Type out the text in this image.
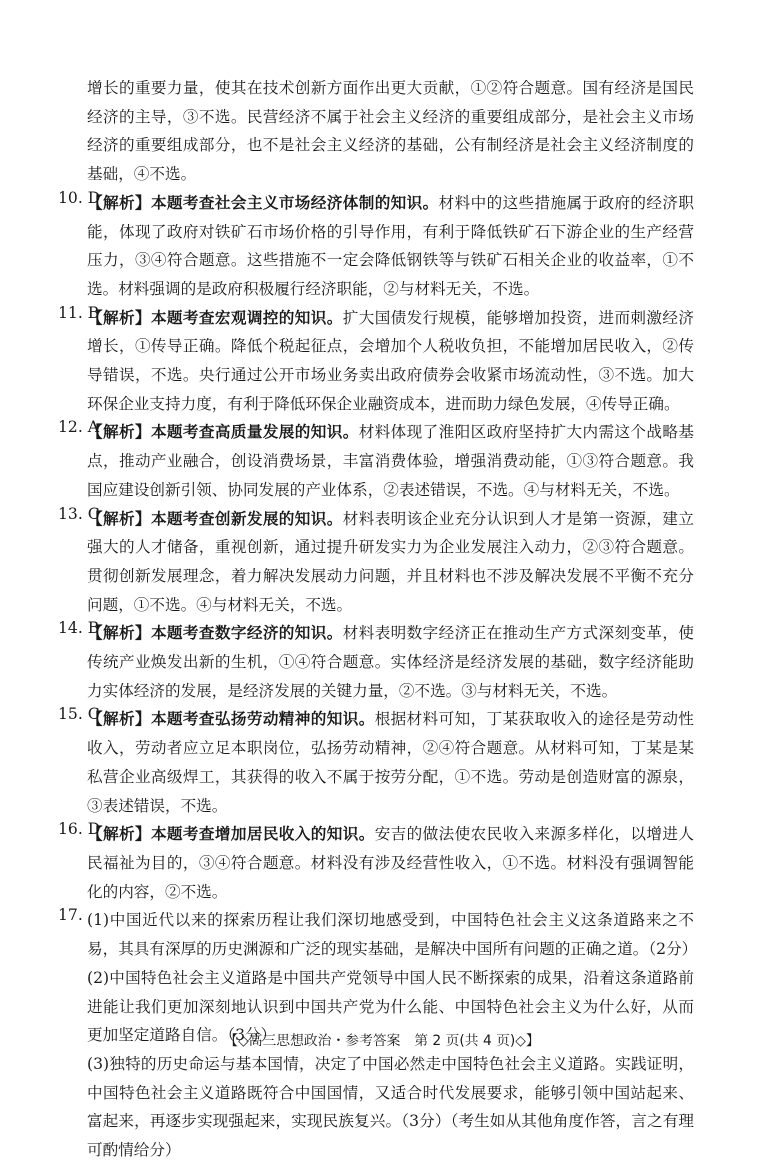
增长的重要力量，使其在技术创新方面作出更大贡献，①②符合题意。国有经济是国民经济的主导，③不选。民营经济不属于社会主义经济的重要组成部分，是社会主义市场经济的重要组成部分，也不是社会主义经济的基础，公有制经济是社会主义经济制度的基础，④不选。

10. D

【解析】本题考查社会主义市场经济体制的知识。材料中的这些措施属于政府的经济职能，体现了政府对铁矿石市场价格的引导作用，有利于降低铁矿石下游企业的生产经营压力，③④符合题意。这些措施不一定会降低钢铁等与铁矿石相关企业的收益率，①不选。材料强调的是政府积极履行经济职能，②与材料无关，不选。

11. B

【解析】本题考查宏观调控的知识。扩大国债发行规模，能够增加投资，进而刺激经济增长，①传导正确。降低个税起征点，会增加个人税收负担，不能增加居民收入，②传导错误，不选。央行通过公开市场业务卖出政府债券会收紧市场流动性，③不选。加大环保企业支持力度，有利于降低环保企业融资成本，进而助力绿色发展，④传导正确。

12. A

【解析】本题考查高质量发展的知识。材料体现了淮阳区政府坚持扩大内需这个战略基点，推动产业融合，创设消费场景，丰富消费体验，增强消费动能，①③符合题意。我国应建设创新引领、协同发展的产业体系，②表述错误，不选。④与材料无关，不选。

13. C

【解析】本题考查创新发展的知识。材料表明该企业充分认识到人才是第一资源，建立强大的人才储备，重视创新，通过提升研发实力为企业发展注入动力，②③符合题意。贯彻创新发展理念，着力解决发展动力问题，并且材料也不涉及解决发展不平衡不充分问题，①不选。④与材料无关，不选。

14. B

【解析】本题考查数字经济的知识。材料表明数字经济正在推动生产方式深刻变革，使传统产业焕发出新的生机，①④符合题意。实体经济是经济发展的基础，数字经济能助力实体经济的发展，是经济发展的关键力量，②不选。③与材料无关，不选。

15. C

【解析】本题考查弘扬劳动精神的知识。根据材料可知，丁某获取收入的途径是劳动性收入，劳动者应立足本职岗位，弘扬劳动精神，②④符合题意。从材料可知，丁某是某私营企业高级焊工，其获得的收入不属于按劳分配，①不选。劳动是创造财富的源泉，③表述错误，不选。

16. D

【解析】本题考查增加居民收入的知识。安吉的做法使农民收入来源多样化，以增进人民福祉为目的，③④符合题意。材料没有涉及经营性收入，①不选。材料没有强调智能化的内容，②不选。

17. (1)中国近代以来的探索历程让我们深切地感受到，中国特色社会主义这条道路来之不易，其具有深厚的历史渊源和广泛的现实基础，是解决中国所有问题的正确之道。（2分）

(2)中国特色社会主义道路是中国共产党领导中国人民不断探索的成果，沿着这条道路前进能让我们更加深刻地认识到中国共产党为什么能、中国特色社会主义为什么好，从而更加坚定道路自信。（3分）

(3)独特的历史命运与基本国情，决定了中国必然走中国特色社会主义道路。实践证明，中国特色社会主义道路既符合中国国情，又适合时代发展要求，能够引领中国站起来、富起来，再逐步实现强起来，实现民族复兴。（3分）（考生如从其他角度作答，言之有理可酌情给分）

【◇高三思想政治・参考答案　第 2 页(共 4 页)◇】
